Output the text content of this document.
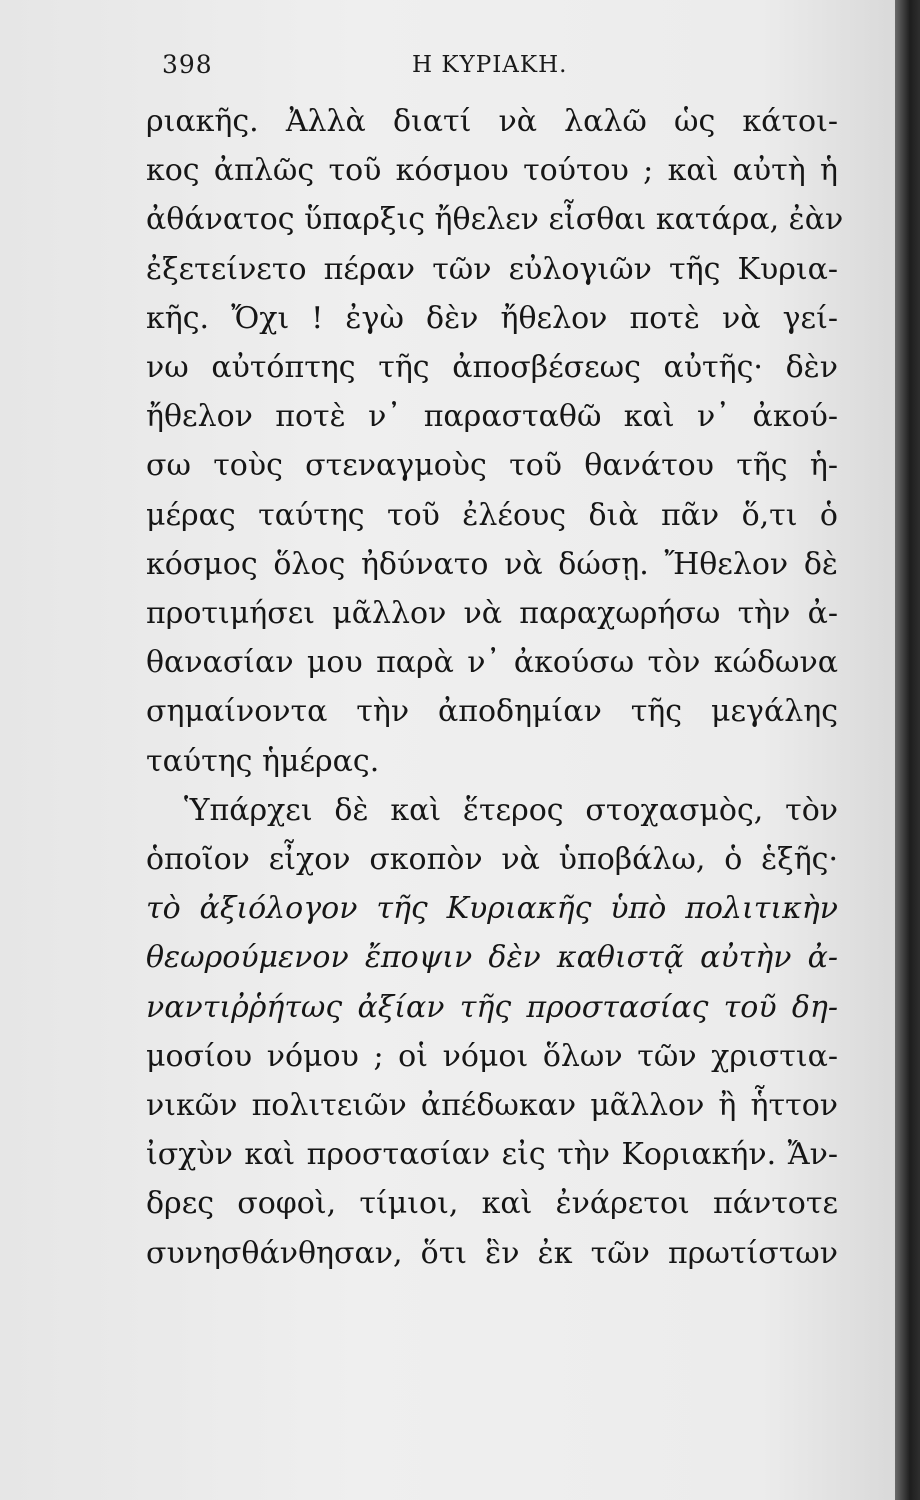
398	Η ΚΥΡΙΑΚΗ.
ριακῆς. Ἀλλὰ διατί νὰ λαλῶ ὡς κάτοι-
κος ἀπλῶς τοῦ κόσμου τούτου ; καὶ αὐτὴ ἡ
ἀθάνατος ὕπαρξις ἤθελεν εἶσθαι κατάρα, ἐὰν
ἐξετείνετο πέραν τῶν εὐλογιῶν τῆς Κυρια-
κῆς. Ὄχι ! ἐγὼ δὲν ἤθελον ποτὲ νὰ γεί-
νω αὐτόπτης τῆς ἀποσβέσεως αὐτῆς· δὲν
ἤθελον ποτὲ ν᾽ παρασταθῶ καὶ ν᾽ ἀκού-
σω τοὺς στεναγμοὺς τοῦ θανάτου τῆς ἡ-
μέρας ταύτης τοῦ ἐλέους διὰ πᾶν ὅ,τι ὁ
κόσμος ὅλος ἠδύνατο νὰ δώσῃ. Ἤθελον δὲ
προτιμήσει μᾶλλον νὰ παραχωρήσω τὴν ἀ-
θανασίαν μου παρὰ ν᾽ ἀκούσω τὸν κώδωνα
σημαίνοντα τὴν ἀποδημίαν τῆς μεγάλης
ταύτης ἡμέρας.
Ὑπάρχει δὲ καὶ ἕτερος στοχασμὸς, τὸν
ὁποῖον εἶχον σκοπὸν νὰ ὑποβάλω, ὁ ἑξῆς·
τὸ ἀξιόλογον τῆς Κυριακῆς ὑπὸ πολιτικὴν
θεωρούμενον ἔποψιν δὲν καθιστᾷ αὐτὴν ἀ-
ναντιῤῥήτως ἀξίαν τῆς προστασίας τοῦ δη-
μοσίου νόμου ; οἱ νόμοι ὅλων τῶν χριστια-
νικῶν πολιτειῶν ἀπέδωκαν μᾶλλον ἢ ἧττον
ἰσχὺν καὶ προστασίαν εἰς τὴν Κοριακήν. Ἄν-
δρες σοφοὶ, τίμιοι, καὶ ἐνάρετοι πάντοτε
συνησθάνθησαν, ὅτι ἓν ἐκ τῶν πρωτίστων
